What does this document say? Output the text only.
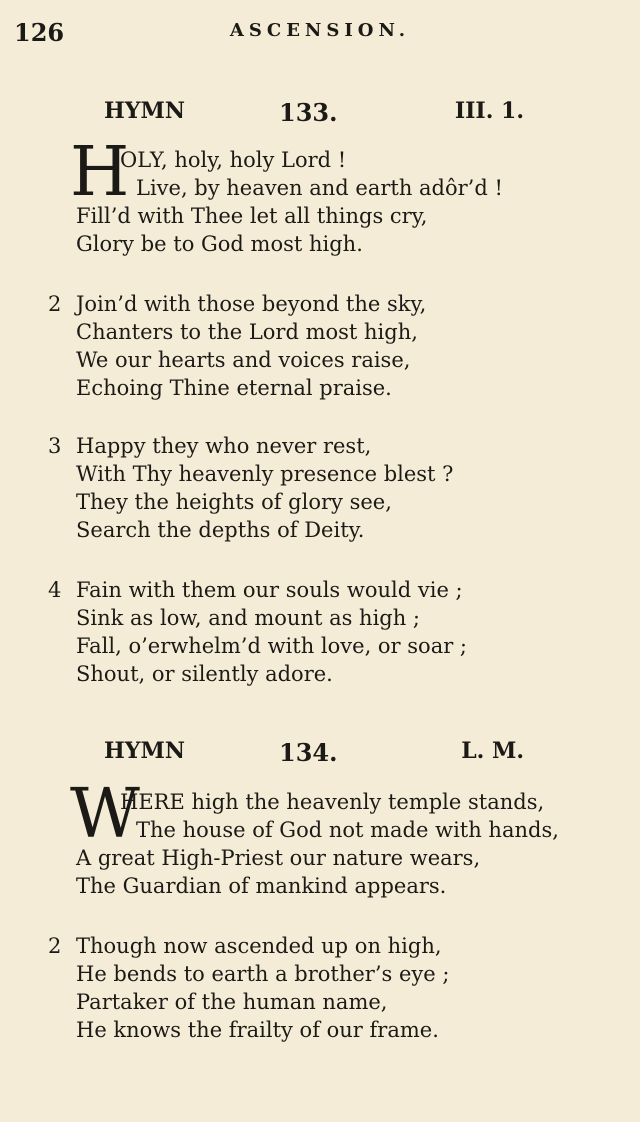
126	ASCENSION.
HYMN	133.	III. 1.
H
OLY, holy, holy Lord !
Live, by heaven and earth adôr’d !
Fill’d with Thee let all things cry,
Glory be to God most high.
2 Join’d with those beyond the sky,
Chanters to the Lord most high,
We our hearts and voices raise,
Echoing Thine eternal praise.
3 Happy they who never rest,
With Thy heavenly presence blest ?
They the heights of glory see,
Search the depths of Deity.
4 Fain with them our souls would vie ;
Sink as low, and mount as high ;
Fall, o’erwhelm’d with love, or soar ;
Shout, or silently adore.
HYMN	134.	L. M.
W
HERE high the heavenly temple stands,
The house of God not made with hands,
A great High-Priest our nature wears,
The Guardian of mankind appears.
2 Though now ascended up on high,
He bends to earth a brother’s eye ;
Partaker of the human name,
He knows the frailty of our frame.
